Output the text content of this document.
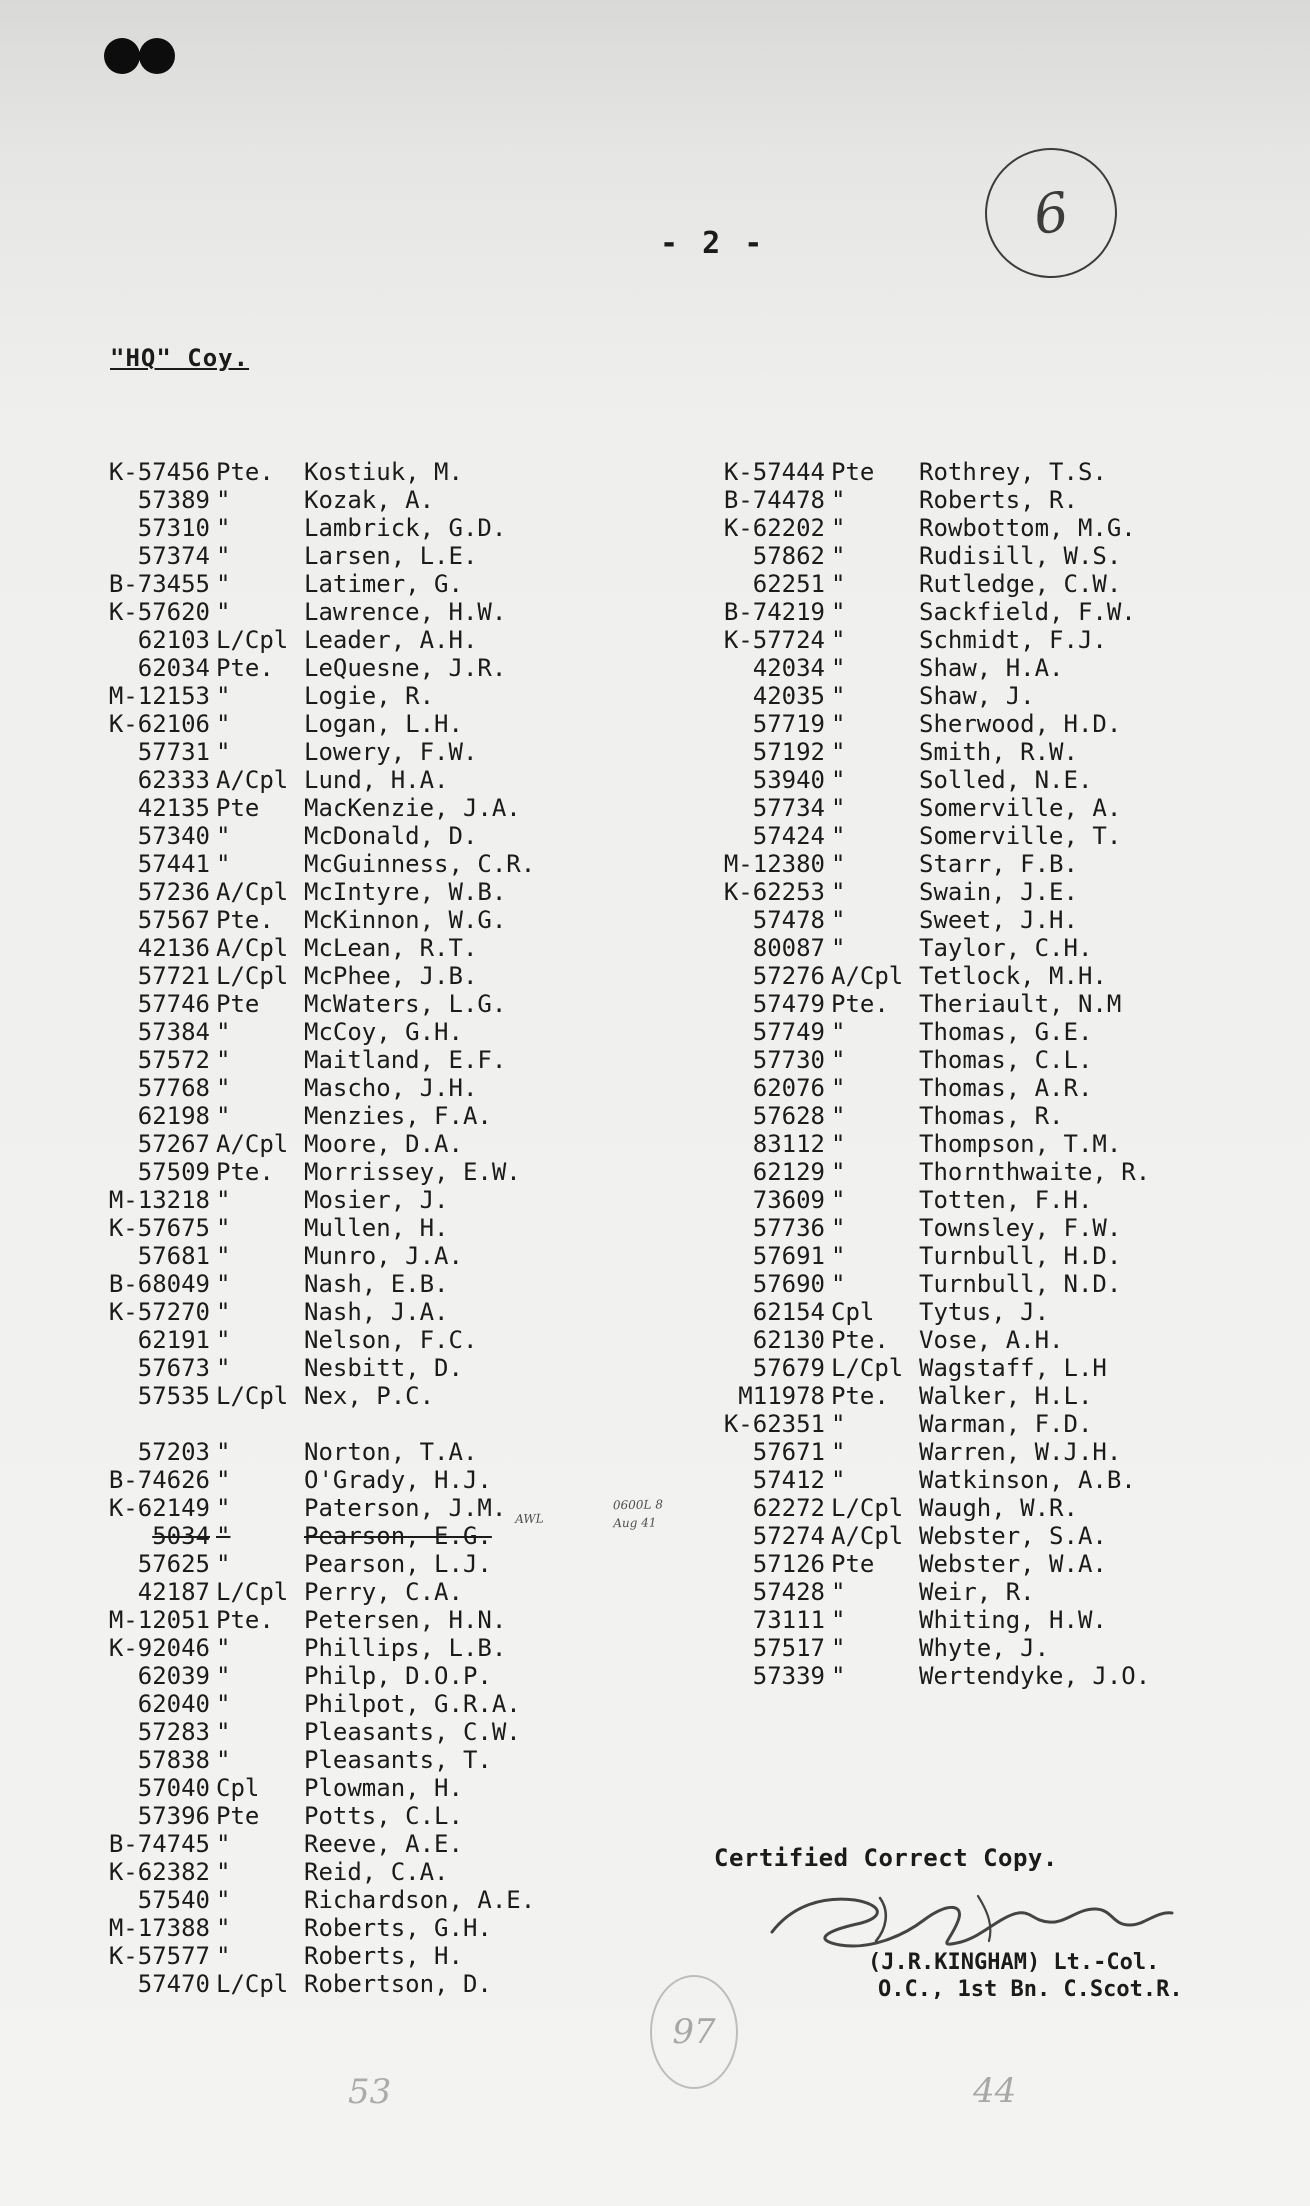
- 2 -	6
"HQ" Coy.
K-57456 Pte. Kostiuk, M.
57389 "	Kozak, A.
57310 "	Lambrick, G.D.
57374 "	Larsen, L.E.
B-73455 "	Latimer, G.
K-57620 "	Lawrence, H.W.
62103 L/Cpl Leader, A.H.
62034 Pte. LeQuesne, J.R.
M-12153 "	Logie, R.
K-62106 "	Logan, L.H.
57731 "	Lowery, F.W.
62333 A/Cpl Lund, H.A.
42135 Pte MacKenzie, J.A.
57340 "	McDonald, D.
57441 "	McGuinness, C.R.
57236 A/Cpl McIntyre, W.B.
57567 Pte. McKinnon, W.G.
42136 A/Cpl McLean, R.T.
57721 L/Cpl McPhee, J.B.
57746 Pte McWaters, L.G.
57384 "	McCoy, G.H.
57572 "	Maitland, E.F.
57768 "	Mascho, J.H.
62198 "	Menzies, F.A.
57267 A/Cpl Moore, D.A.
57509 Pte. Morrissey, E.W.
M-13218 "	Mosier, J.
K-57675 "	Mullen, H.
57681 "	Munro, J.A.
B-68049 "	Nash, E.B.
K-57270 "	Nash, J.A.
62191 "	Nelson, F.C.
57673 "	Nesbitt, D.
57535 L/Cpl Nex, P.C.
57203 "	Norton, T.A.
B-74626 "	O'Grady, H.J.
K-62149 "	Paterson, J.M.
5034 "	Pearson, E.G.
57625 "	Pearson, L.J.
42187 L/Cpl Perry, C.A.
M-12051 Pte. Petersen, H.N.
K-92046 "	Phillips, L.B.
62039 "	Philp, D.O.P.
62040 "	Philpot, G.R.A.
57283 "	Pleasants, C.W.
57838 "	Pleasants, T.
57040 Cpl Plowman, H.
57396 Pte Potts, C.L.
B-74745 "	Reeve, A.E.
K-62382 "	Reid, C.A.
57540 "	Richardson, A.E.
M-17388 "	Roberts, G.H.
K-57577 "	Roberts, H.
57470 L/Cpl Robertson, D.
K-57444 Pte Rothrey, T.S.
B-74478 "	Roberts, R.
K-62202 "	Rowbottom, M.G.
57862 "	Rudisill, W.S.
62251 "	Rutledge, C.W.
B-74219 "	Sackfield, F.W.
K-57724 "	Schmidt, F.J.
42034 "	Shaw, H.A.
42035 "	Shaw, J.
57719 "	Sherwood, H.D.
57192 "	Smith, R.W.
53940 "	Solled, N.E.
57734 "	Somerville, A.
57424 "	Somerville, T.
M-12380 "	Starr, F.B.
K-62253 "	Swain, J.E.
57478 "	Sweet, J.H.
80087 "	Taylor, C.H.
57276 A/Cpl Tetlock, M.H.
57479 Pte. Theriault, N.M
57749 "	Thomas, G.E.
57730 "	Thomas, C.L.
62076 "	Thomas, A.R.
57628 "	Thomas, R.
83112 "	Thompson, T.M.
62129 "	Thornthwaite, R.
73609 "	Totten, F.H.
57736 "	Townsley, F.W.
57691 "	Turnbull, H.D.
57690 "	Turnbull, N.D.
62154 Cpl Tytus, J.
62130 Pte. Vose, A.H.
57679 L/Cpl Wagstaff, L.H
M11978 Pte. Walker, H.L.
K-62351 "	Warman, F.D.
57671 "	Warren, W.J.H.
57412 "	Watkinson, A.B.
62272 L/Cpl Waugh, W.R.
57274 A/Cpl Webster, S.A.
57126 Pte Webster, W.A.
57428 "	Weir, R.
73111 "	Whiting, H.W.
57517 "	Whyte, J.
57339 "	Wertendyke, J.O.
AWL
0600L 8 Aug 41
Certified Correct Copy.
(J.R.KINGHAM) Lt.-Col.
O.C., 1st Bn. C.Scot.R.
97
53	44
